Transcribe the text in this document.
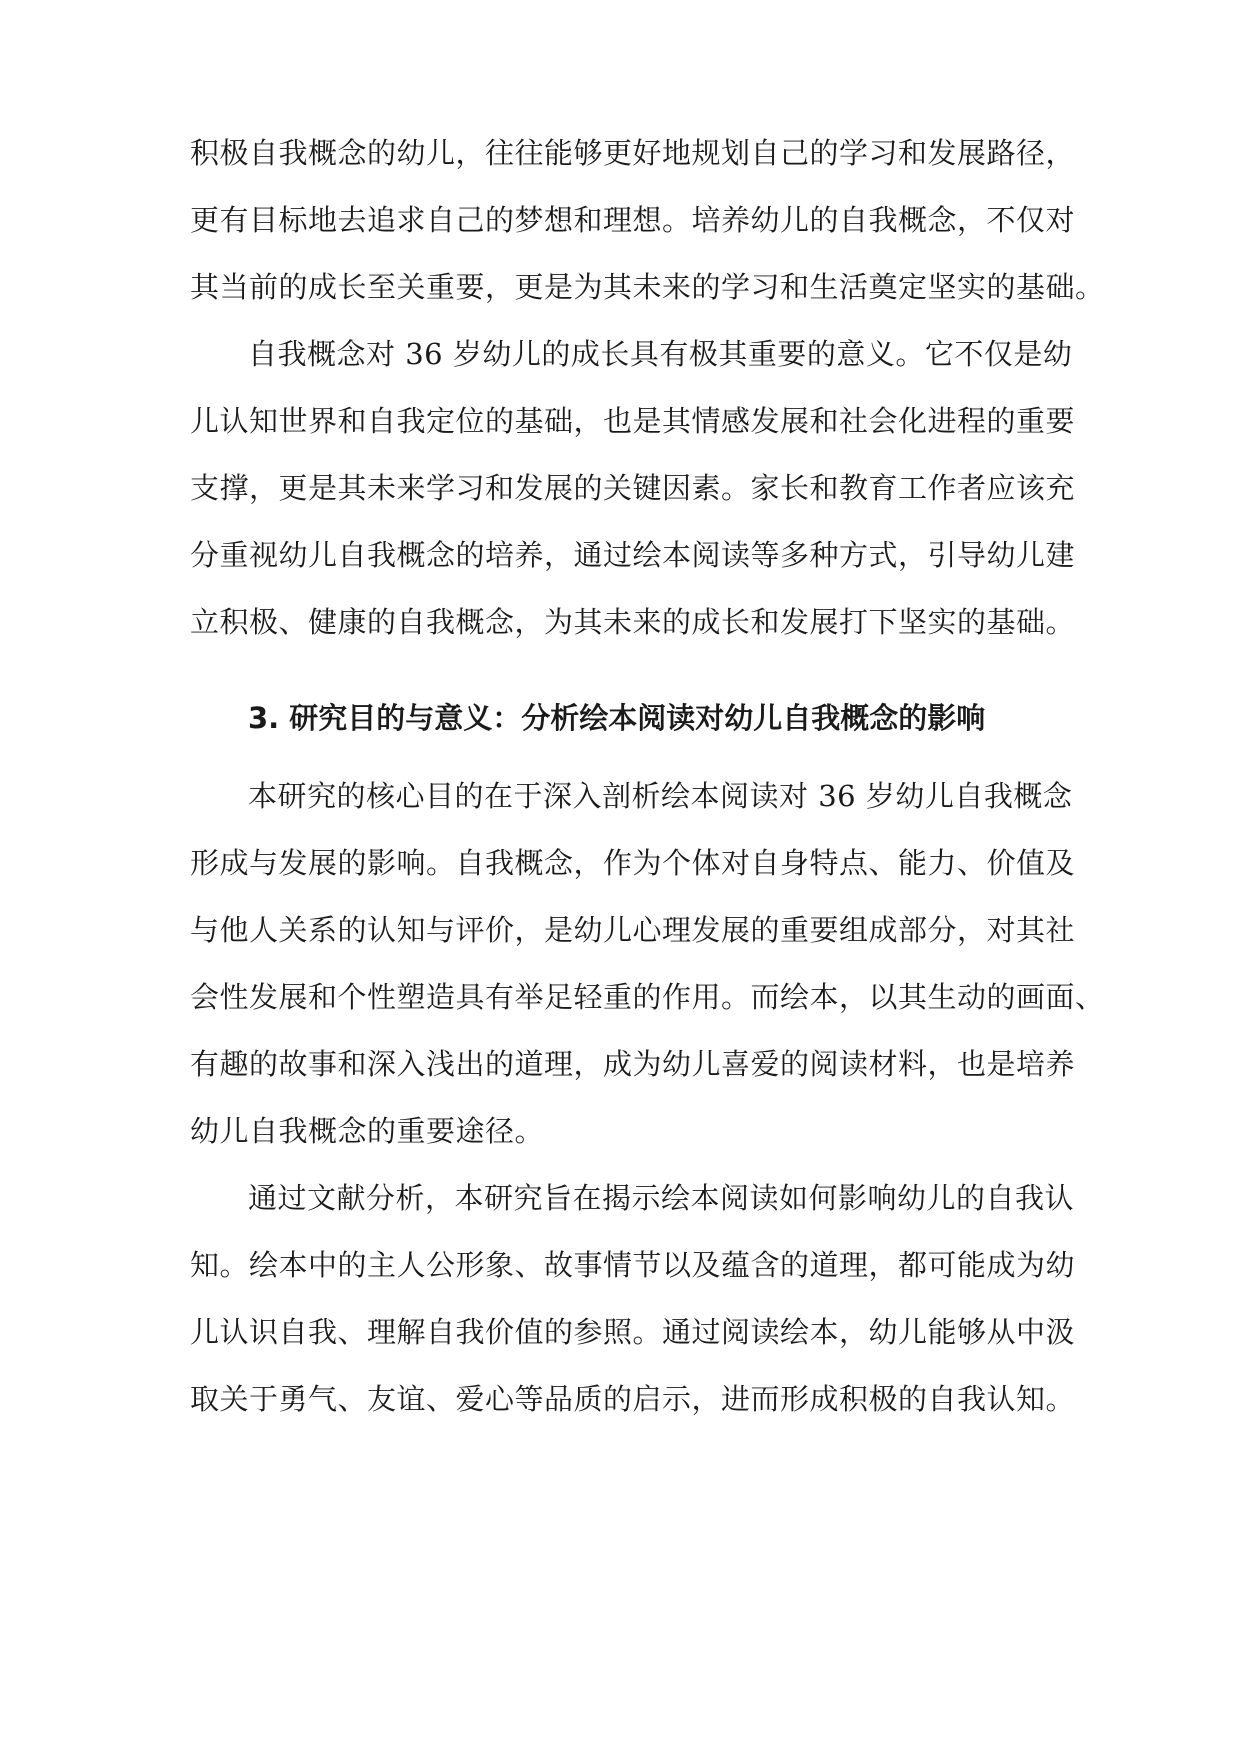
积极自我概念的幼儿，往往能够更好地规划自己的学习和发展路径，
更有目标地去追求自己的梦想和理想。培养幼儿的自我概念，不仅对
其当前的成长至关重要，更是为其未来的学习和生活奠定坚实的基础。
自我概念对 36 岁幼儿的成长具有极其重要的意义。它不仅是幼
儿认知世界和自我定位的基础，也是其情感发展和社会化进程的重要
支撑，更是其未来学习和发展的关键因素。家长和教育工作者应该充
分重视幼儿自我概念的培养，通过绘本阅读等多种方式，引导幼儿建
立积极、健康的自我概念，为其未来的成长和发展打下坚实的基础。
3. 研究目的与意义：分析绘本阅读对幼儿自我概念的影响
本研究的核心目的在于深入剖析绘本阅读对 36 岁幼儿自我概念
形成与发展的影响。自我概念，作为个体对自身特点、能力、价值及
与他人关系的认知与评价，是幼儿心理发展的重要组成部分，对其社
会性发展和个性塑造具有举足轻重的作用。而绘本，以其生动的画面、
有趣的故事和深入浅出的道理，成为幼儿喜爱的阅读材料，也是培养
幼儿自我概念的重要途径。
通过文献分析，本研究旨在揭示绘本阅读如何影响幼儿的自我认
知。绘本中的主人公形象、故事情节以及蕴含的道理，都可能成为幼
儿认识自我、理解自我价值的参照。通过阅读绘本，幼儿能够从中汲
取关于勇气、友谊、爱心等品质的启示，进而形成积极的自我认知。
